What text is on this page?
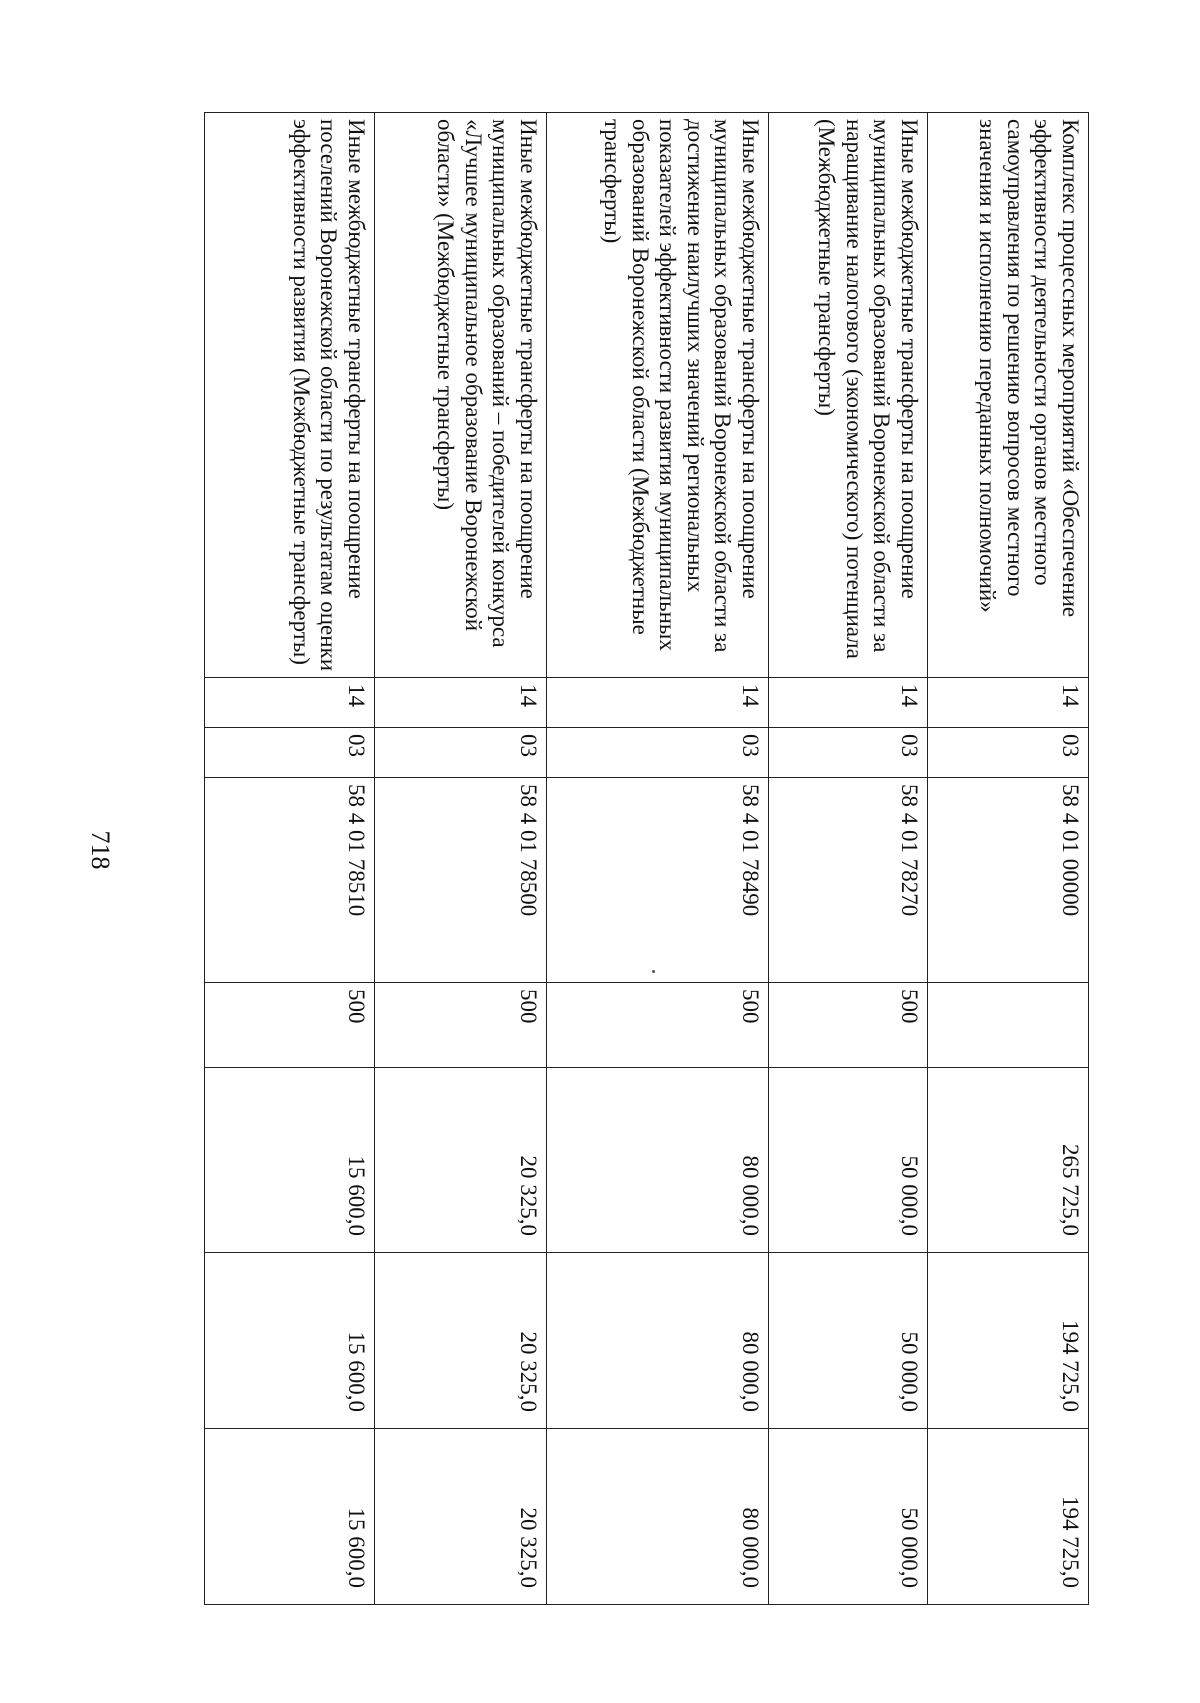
718
Комплекс процессных мероприятий «Обеспечение эффективности деятельности органов местного самоуправления по решению вопросов местного значения и исполнению переданных полномочий»	14	03	58 4 01 00000		265 725,0	194 725,0	194 725,0
Иные межбюджетные трансферты на поощрение муниципальных образований Воронежской области за наращивание налогового (экономического) потенциала (Межбюджетные трансферты)	14	03	58 4 01 78270	500	50 000,0	50 000,0	50 000,0
Иные межбюджетные трансферты на поощрение муниципальных образований Воронежской области за достижение наилучших значений региональных показателей эффективности развития муниципальных образований Воронежской области (Межбюджетные трансферты)	14	03	58 4 01 78490	500	80 000,0	80 000,0	80 000,0
Иные межбюджетные трансферты на поощрение муниципальных образований – победителей конкурса «Лучшее муниципальное образование Воронежской области» (Межбюджетные трансферты)	14	03	58 4 01 78500	500	20 325,0	20 325,0	20 325,0
Иные межбюджетные трансферты на поощрение поселений Воронежской области по результатам оценки эффективности развития (Межбюджетные трансферты)	14	03	58 4 01 78510	500	15 600,0	15 600,0	15 600,0
